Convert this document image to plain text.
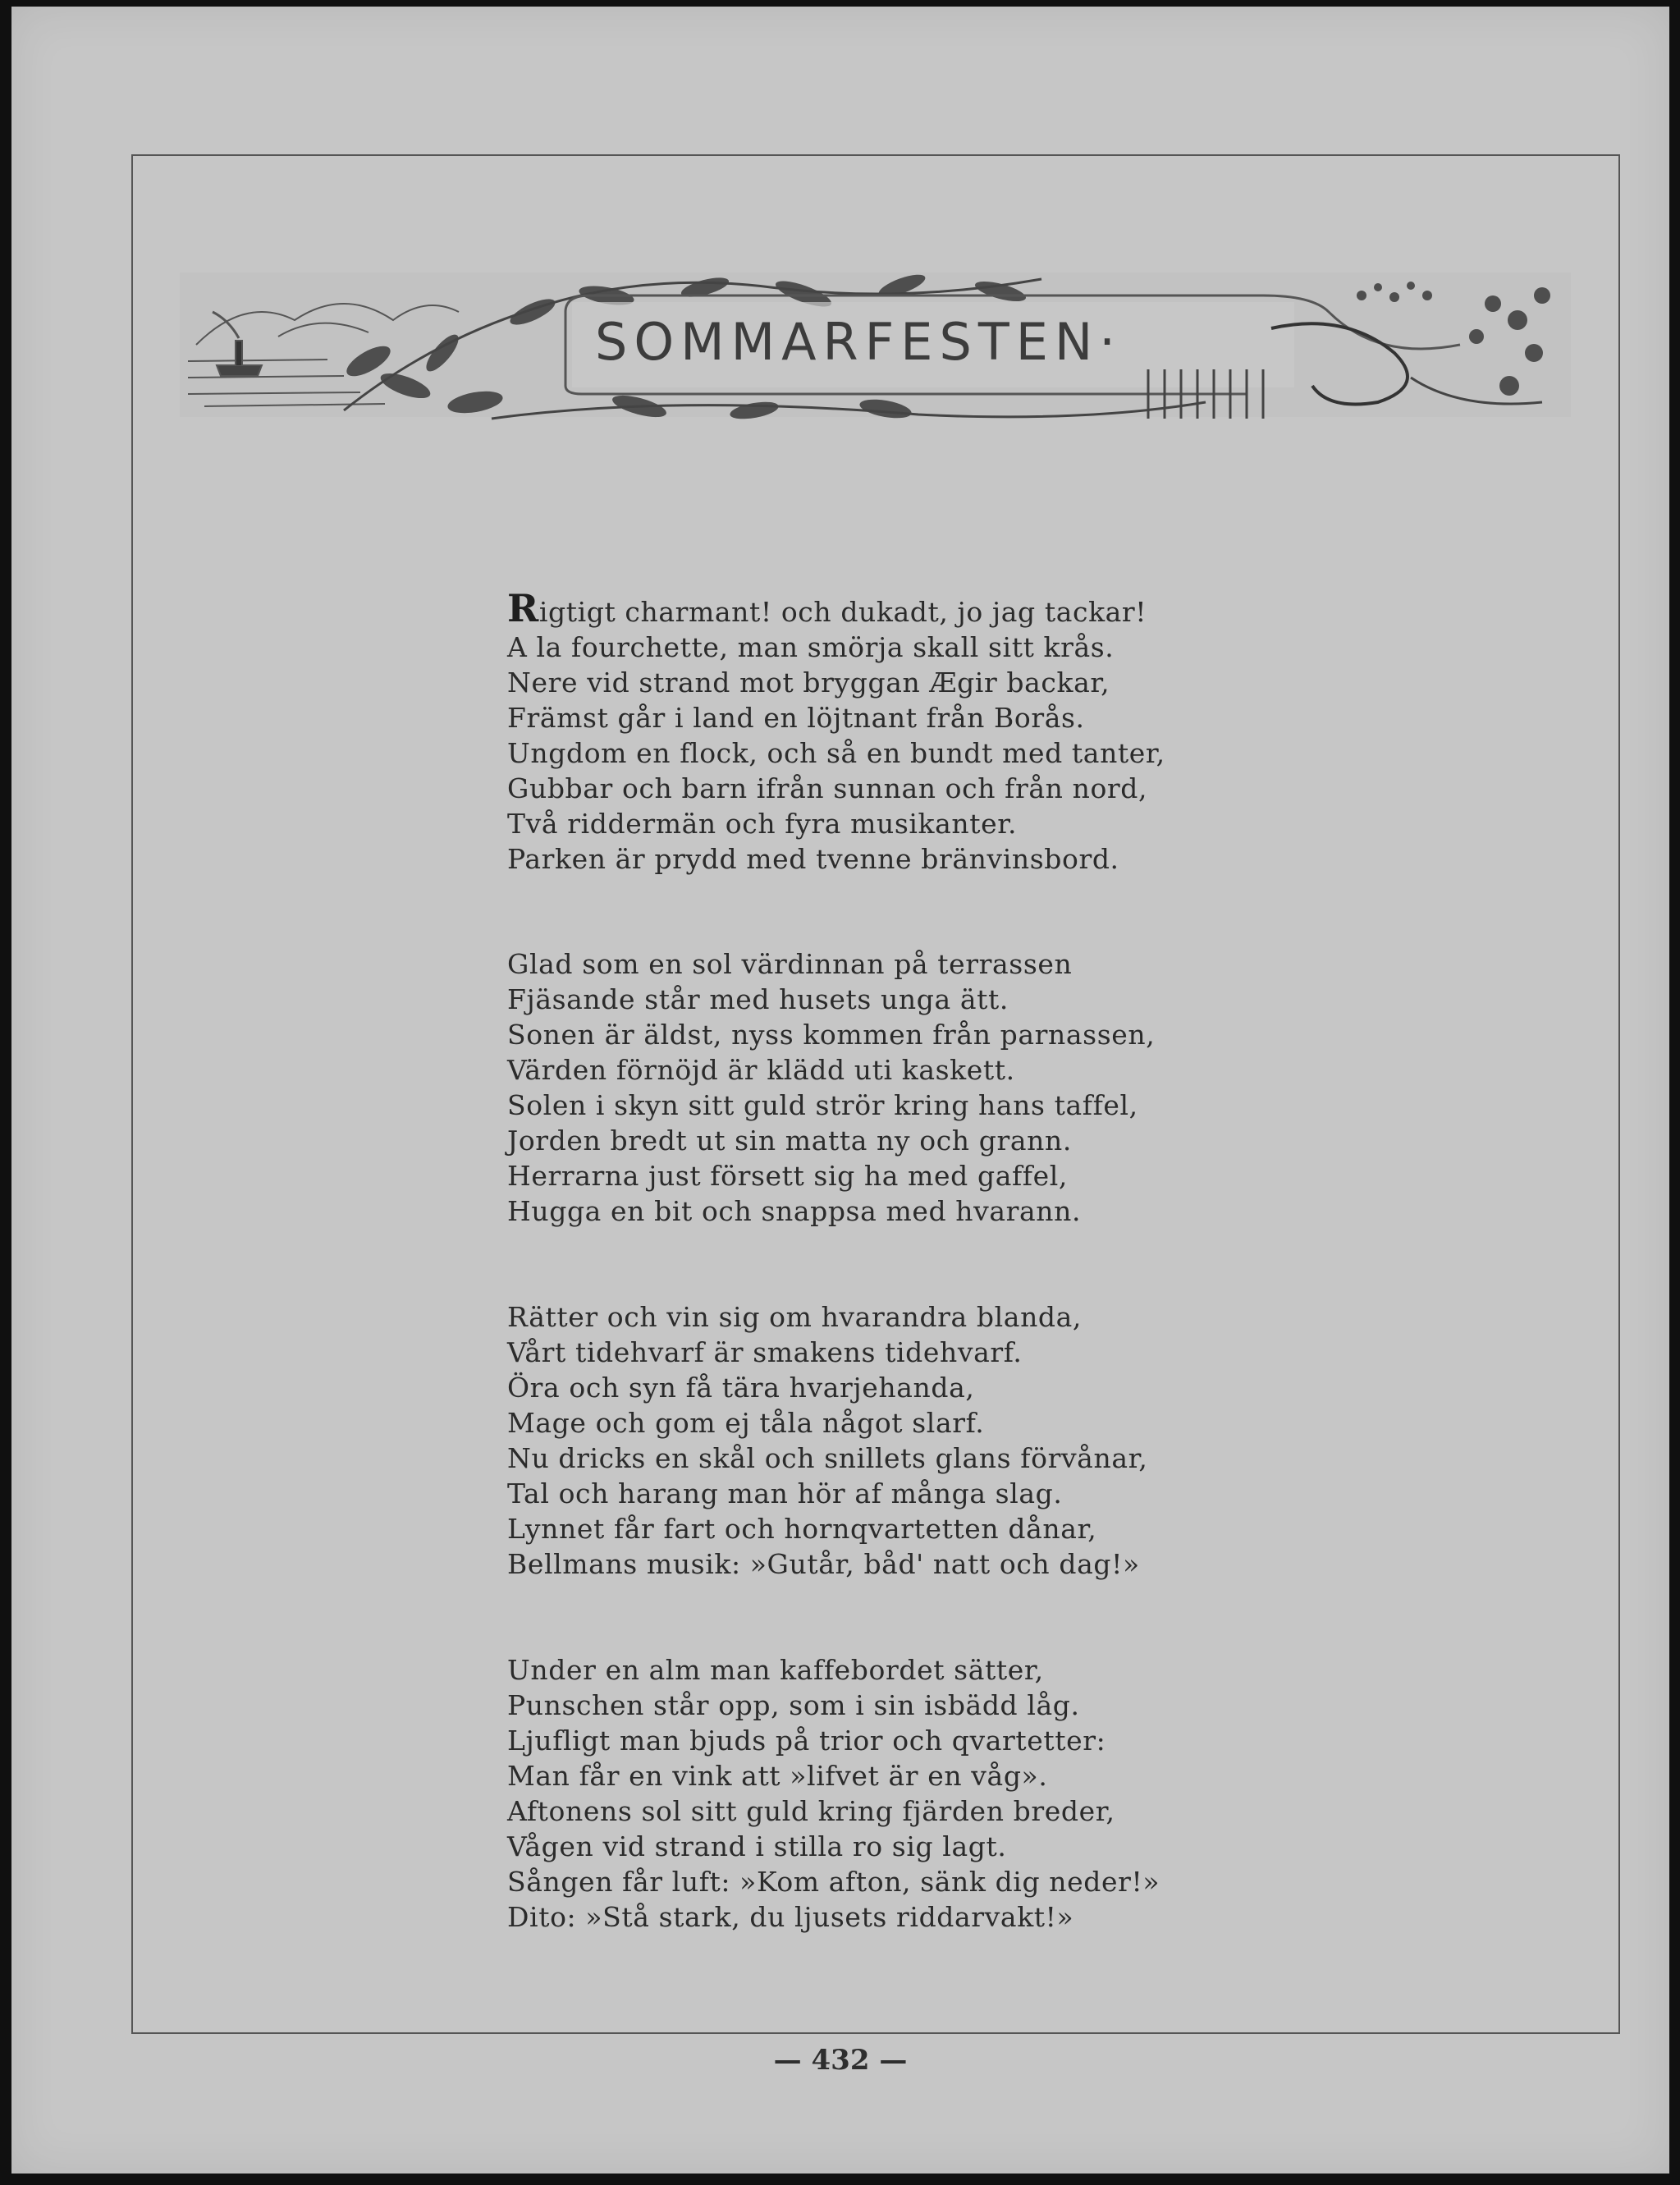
SOMMARFESTEN·
Rigtigt charmant! och dukadt, jo jag tackar!
A la fourchette, man smörja skall sitt krås.
Nere vid strand mot bryggan Ægir backar,
Främst går i land en löjtnant från Borås.
Ungdom en flock, och så en bundt med tanter,
Gubbar och barn ifrån sunnan och från nord,
Två riddermän och fyra musikanter.
Parken är prydd med tvenne bränvinsbord.
Glad som en sol värdinnan på terrassen
Fjäsande står med husets unga ätt.
Sonen är äldst, nyss kommen från parnassen,
Värden förnöjd är klädd uti kaskett.
Solen i skyn sitt guld strör kring hans taffel,
Jorden bredt ut sin matta ny och grann.
Herrarna just försett sig ha med gaffel,
Hugga en bit och snappsa med hvarann.
Rätter och vin sig om hvarandra blanda,
Vårt tidehvarf är smakens tidehvarf.
Öra och syn få tära hvarjehanda,
Mage och gom ej tåla något slarf.
Nu dricks en skål och snillets glans förvånar,
Tal och harang man hör af många slag.
Lynnet får fart och hornqvartetten dånar,
Bellmans musik: »Gutår, båd' natt och dag!»
Under en alm man kaffebordet sätter,
Punschen står opp, som i sin isbädd låg.
Ljufligt man bjuds på trior och qvartetter:
Man får en vink att »lifvet är en våg».
Aftonens sol sitt guld kring fjärden breder,
Vågen vid strand i stilla ro sig lagt.
Sången får luft: »Kom afton, sänk dig neder!»
Dito: »Stå stark, du ljusets riddarvakt!»
— 432 —
